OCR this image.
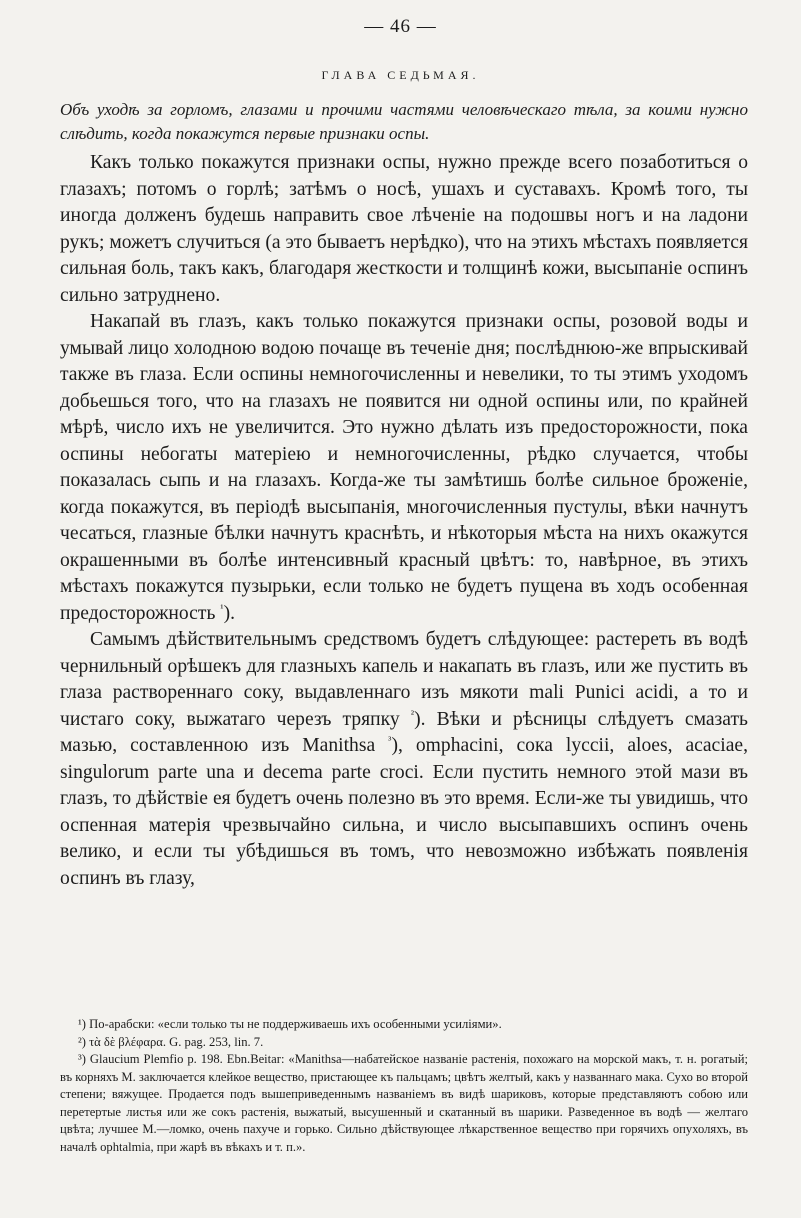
— 46 —
ГЛАВА СЕДЬМАЯ.
Объ уходѣ за горломъ, глазами и прочими частями человѣческаго тѣла, за коими нужно слѣдить, когда покажутся первые признаки оспы.

Какъ только покажутся признаки оспы, нужно прежде всего позаботиться о глазахъ; потомъ о горлѣ; затѣмъ о носѣ, ушахъ и суставахъ. Кромѣ того, ты иногда долженъ будешь направить свое лѣченіе на подошвы ногъ и на ладони рукъ; можетъ случиться (а это бываетъ нерѣдко), что на этихъ мѣстахъ появляется сильная боль, такъ какъ, благодаря жесткости и толщинѣ кожи, высыпаніе оспинъ сильно затруднено.

Накапай въ глазъ, какъ только покажутся признаки оспы, розовой воды и умывай лицо холодною водою почаще въ теченіе дня; послѣднюю-же впрыскивай также въ глаза. Если оспины немногочисленны и невелики, то ты этимъ уходомъ добьешься того, что на глазахъ не появится ни одной оспины или, по крайней мѣрѣ, число ихъ не увеличится. Это нужно дѣлать изъ предосторожности, пока оспины небогаты матеріею и немногочисленны, рѣдко случается, чтобы показалась сыпь и на глазахъ. Когда-же ты замѣтишь болѣе сильное броженіе, когда покажутся, въ періодѣ высыпанія, многочисленныя пустулы, вѣки начнутъ чесаться, глазные бѣлки начнутъ краснѣть, и нѣкоторыя мѣста на нихъ окажутся окрашенными въ болѣе интенсивный красный цвѣтъ: то, навѣрное, въ этихъ мѣстахъ покажутся пузырьки, если только не будетъ пущена въ ходъ особенная предосторожность $^{^1}$).

Самымъ дѣйствительнымъ средствомъ будетъ слѣдующее: растереть въ водѣ чернильный орѣшекъ для глазныхъ капель и накапать въ глазъ, или же пустить въ глаза раствореннаго соку, выдавленнаго изъ мякоти mali Punici acidi, а то и чистаго соку, выжатаго черезъ тряпку $^{^2}$). Вѣки и рѣсницы слѣдуетъ смазать мазью, составленною изъ Manithsa $^{^3}$), omphacini, сока lyccii, aloes, acaciae, singulorum parte una и decema parte croci. Если пустить немного этой мази въ глазъ, то дѣйствіе ея будетъ очень полезно въ это время. Если-же ты увидишь, что оспенная матерія чрезвычайно сильна, и число высыпавшихъ оспинъ очень велико, и если ты убѣдишься въ томъ, что невозможно избѣжать появленія оспинъ въ глазу,

¹) По-арабски: «если только ты не поддерживаешь ихъ особенными усиліями».

²) τὰ δὲ βλέφαρα. G. pag. 253, lin. 7.

³) Glaucium Plemfio p. 198. Ebn.Beitar: «Manithsa—набатейское названіе растенія, похожаго на морской макъ, т. н. рогатый; въ корняхъ М. заключается клейкое вещество, пристающее къ пальцамъ; цвѣтъ желтый, какъ у названнаго мака. Сухо во второй степени; вяжущее. Продается подъ вышеприведеннымъ названіемъ въ видѣ шариковъ, которые представляютъ собою или перетертые листья или же сокъ растенія, выжатый, высушенный и скатанный въ шарики. Разведенное въ водѣ — желтаго цвѣта; лучшее М.—ломко, очень пахуче и горько. Сильно дѣйствующее лѣкарственное вещество при горячихъ опухоляхъ, въ началѣ ophtalmia, при жарѣ въ вѣкахъ и т. п.».
